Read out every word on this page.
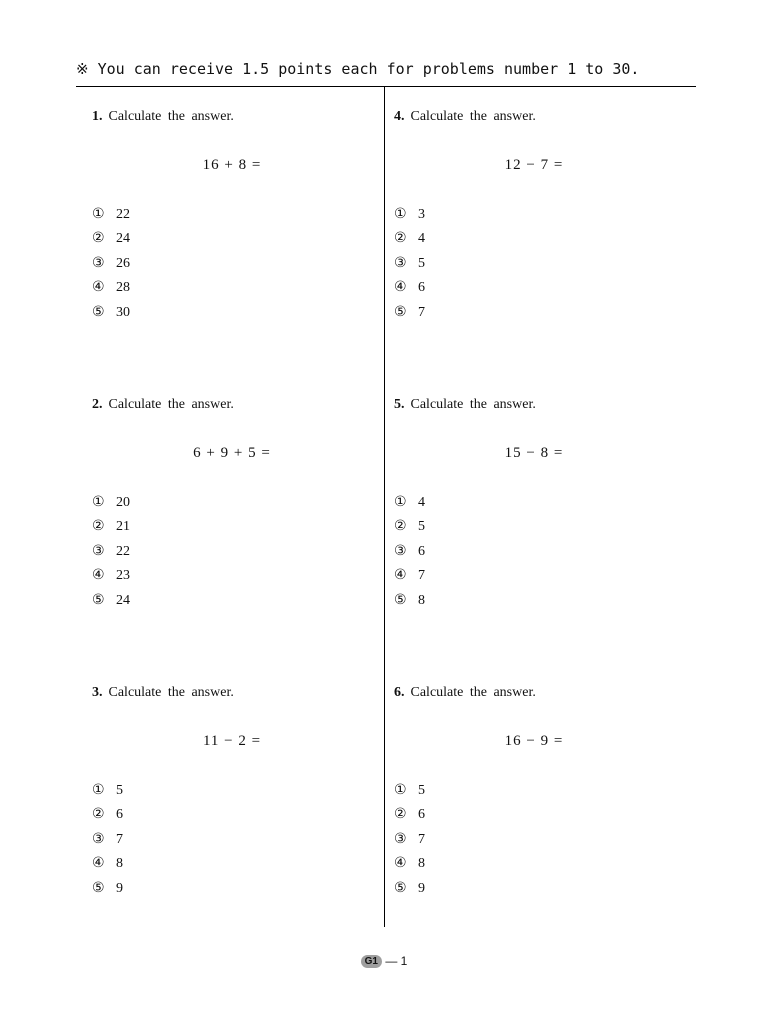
※ You can receive 1.5 points each for problems number 1 to 30.
1. Calculate the answer.
16 + 8 =
① 22
② 24
③ 26
④ 28
⑤ 30
2. Calculate the answer.
6 + 9 + 5 =
① 20
② 21
③ 22
④ 23
⑤ 24
3. Calculate the answer.
11 − 2 =
① 5
② 6
③ 7
④ 8
⑤ 9
4. Calculate the answer.
12 − 7 =
① 3
② 4
③ 5
④ 6
⑤ 7
5. Calculate the answer.
15 − 8 =
① 4
② 5
③ 6
④ 7
⑤ 8
6. Calculate the answer.
16 − 9 =
① 5
② 6
③ 7
④ 8
⑤ 9
G1 — 1
